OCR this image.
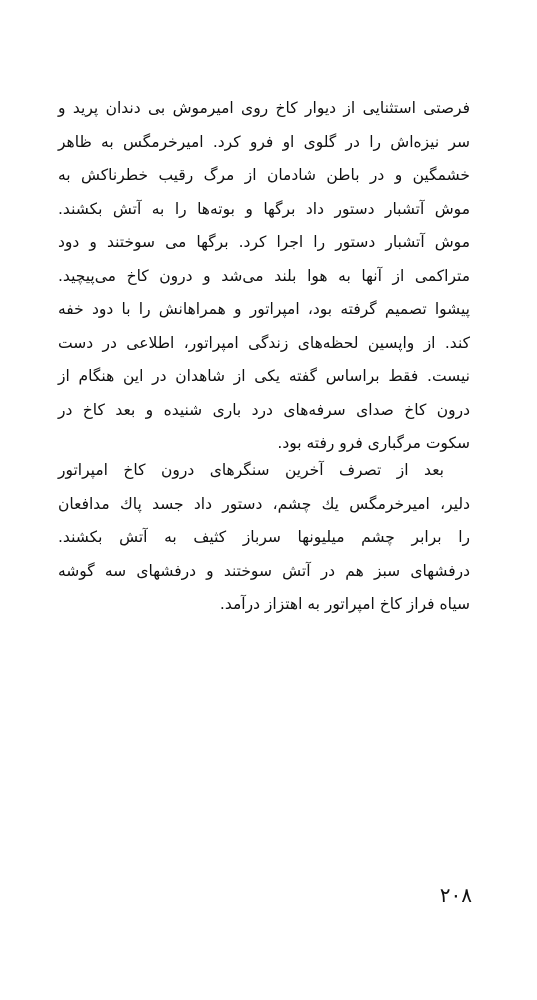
فرصتی استثنایی از دیوار کاخ روی امیرموش بی دندان پرید و
سر نیزه‌اش را در گلوی او فرو کرد. امیرخرمگس به ظاهر
خشمگین و در باطن شادمان از مرگ رقیب خطرناکش به
موش آتشبار دستور داد برگها و بوته‌ها را به آتش بکشند.
موش آتشبار دستور را اجرا کرد. برگها می سوختند و دود
متراکمی از آنها به هوا بلند می‌شد و درون کاخ می‌پیچید.
پیشوا تصمیم گرفته بود، امپراتور و همراهانش را با دود خفه
کند. از واپسین لحظه‌های زندگی امپراتور، اطلاعی در دست
نیست. فقط براساس گفته یکی از شاهدان در این هنگام از
درون کاخ صدای سرفه‌های درد باری شنیده و بعد کاخ در
سکوت مرگباری فرو رفته بود.
بعد از تصرف آخرین سنگرهای درون کاخ امپراتور
دلیر، امیرخرمگس یك چشم، دستور داد جسد پاك مدافعان
را برابر چشم میلیونها سرباز کثیف به آتش بکشند.
درفشهای سبز هم در آتش سوختند و درفشهای سه گوشه
سیاه فراز کاخ امپراتور به اهتزاز درآمد.
۲۰۸
